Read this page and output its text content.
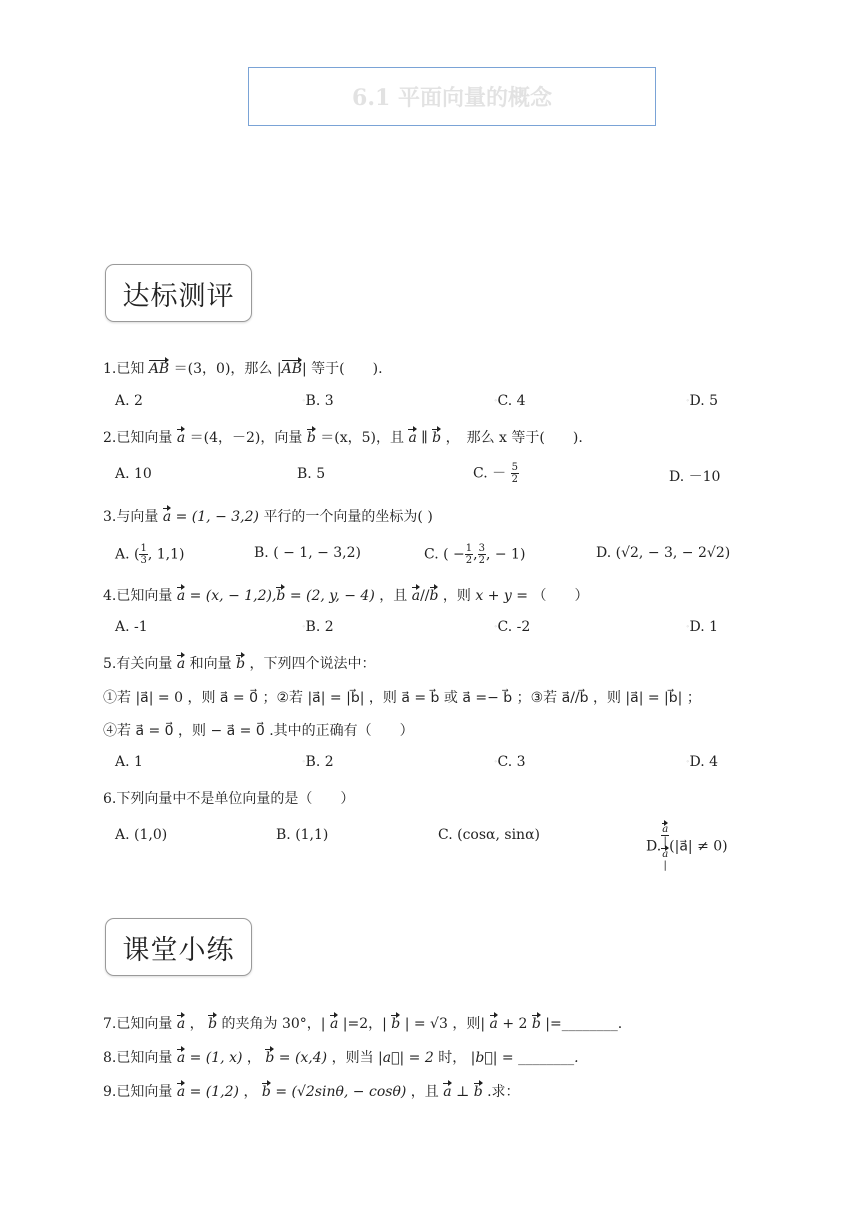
6.1 平面向量的概念
达标测评
1.已知 AB ＝(3，0)，那么 |AB| 等于(　　).
A. 2	◦B. 3	◦C. 4	◦D. 5
2.已知向量 a ＝(4，－2)，向量 b ＝(x，5)，且 a ∥ b ，　那么 x 等于(　　).
A. 10	B. 5	C. － $\frac{5}{2}$	D. －10
3.与向量 a = (1, − 3,2) 平行的一个向量的坐标为( )
A. ( $\frac{1}{3}$ , 1,1)	B. ( − 1, − 3,2)	C. ( − $\frac{1}{2}$ , $\frac{3}{2}$ , − 1)	D. (√2, − 3, − 2√2)
4.已知向量 a = (x, − 1,2),b = (2, y, − 4) ，且 a//b ，则 x + y = （　　）
A. -1	◦B. 2	◦C. -2	◦D. 1
5.有关向量 a 和向量 b ，下列四个说法中：
①若 |a⃗| = 0 ，则 a⃗ = 0⃗ ；②若 |a⃗| = |b⃗| ，则 a⃗ = b⃗ 或 a⃗ =− b⃗ ；③若 a⃗//b⃗ ，则 |a⃗| = |b⃗| ；
④若 a⃗ = 0⃗ ，则 − a⃗ = 0⃗ .其中的正确有（　　）
A. 1	◦B. 2	◦C. 3	◦D. 4
6.下列向量中不是单位向量的是（　　）
A. (1,0)	B. (1,1)	C. (cosα, sinα)
D. a
|
a
| (|a⃗| ≠ 0)
课堂小练
7.已知向量 a ， b 的夹角为 30°，| a |=2，| b | = √3 ，则| a + 2 b |=________.
8.已知向量 a = (1, x) ， b = (x,4) ，则当 |a⃗| = 2 时， |b⃗| = ________.
9.已知向量 a = (1,2) ， b = (√2sinθ, − cosθ) ，且 a ⊥ b .求：
